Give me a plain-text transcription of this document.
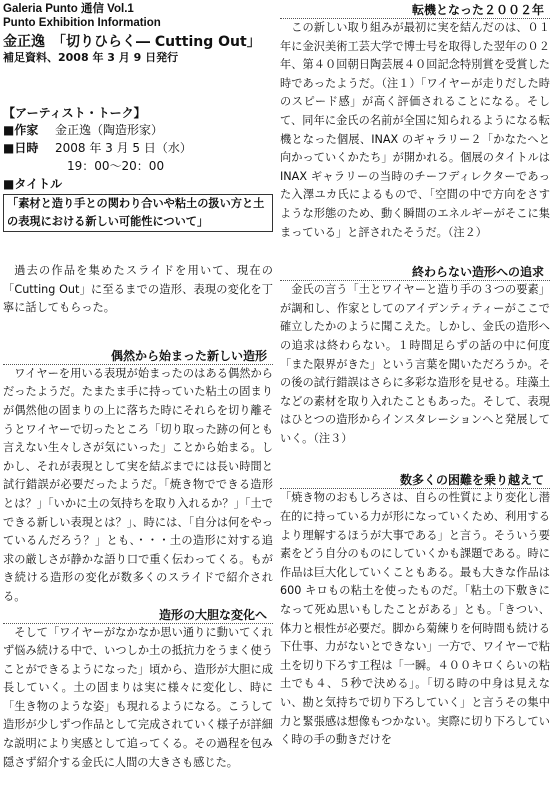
Galeria Punto 通信 Vol.1
Punto Exhibition Information
金正逸　「切りひらく― Cutting Out」
補足資料、2008 年 3 月 9 日発行
【アーティスト・トーク】
■作家	金正逸（陶造形家）
■日時	2008 年 3 月 5 日（水）
19：00～20：00
■タイトル
「素材と造り手との関わり合いや粘土の扱い方と土の表現における新しい可能性について」
過去の作品を集めたスライドを用いて、現在の「Cutting Out」に至るまでの造形、表現の変化を丁寧に話してもらった。
偶然から始まった新しい造形
ワイヤーを用いる表現が始まったのはある偶然からだったようだ。たまたま手に持っていた粘土の固まりが偶然他の固まりの上に落ちた時にそれらを切り離そうとワイヤーで切ったところ「切り取った跡の何とも言えない生々しさが気にいった」ことから始まる。しかし、それが表現として実を結ぶまでには長い時間と試行錯誤が必要だったようだ。「焼き物でできる造形とは？」「いかに土の気持ちを取り入れるか？」「土でできる新しい表現とは？」、時には、「自分は何をやっているんだろう？」とも、・・・土の造形に対する追求の厳しさが静かな語り口で重く伝わってくる。もがき続ける造形の変化が数多くのスライドで紹介される。
造形の大胆な変化へ
そして「ワイヤーがなかなか思い通りに動いてくれず悩み続ける中で、いつしか土の抵抗力をうまく使うことができるようになった」頃から、造形が大胆に成長していく。土の固まりは実に様々に変化し、時に「生き物のような姿」も現れるようになる。こうして造形が少しずつ作品として完成されていく様子が詳細な説明により実感として追ってくる。その過程を包み隠さず紹介する金氏に人間の大きさも感じた。
転機となった２００２年
この新しい取り組みが最初に実を結んだのは、０１年に金沢美術工芸大学で博士号を取得した翌年の０２年、第４０回朝日陶芸展４０回記念特別賞を受賞した時であったようだ。（注１）「ワイヤーが走りだした時のスピード感」が高く評価されることになる。そして、同年に金氏の名前が全国に知られるようになる転機となった個展、INAX のギャラリー２「かなたへと向かっていくかたち」が開かれる。個展のタイトルは INAX ギャラリーの当時のチーフディレクターであった入澤ユカ氏によるもので、「空間の中で方向をさすような形態のため、動く瞬間のエネルギーがそこに集まっている」と評されたそうだ。（注２）
終わらない造形への追求
金氏の言う「土とワイヤーと造り手の３つの要素」が調和し、作家としてのアイデンティティーがここで確立したかのように聞こえた。しかし、金氏の造形への追求は終わらない。１時間足らずの話の中に何度「また限界がきた」という言葉を聞いただろうか。その後の試行錯誤はさらに多彩な造形を見せる。珪藻土などの素材を取り入れたこともあった。そして、表現はひとつの造形からインスタレーションへと発展していく。（注３）
数多くの困難を乗り越えて
「焼き物のおもしろさは、自らの性質により変化し潜在的に持っている力が形になっていくため、利用するより理解するほうが大事である」と言う。そういう要素をどう自分のものにしていくかも課題である。時に作品は巨大化していくこともある。最も大きな作品は 600 キロもの粘土を使ったものだ。「粘土の下敷きになって死ぬ思いもしたことがある」とも。「きつい、体力と根性が必要だ。脚から菊練りを何時間も続ける下仕事、力がないとできない」一方で、ワイヤーで粘土を切り下ろす工程は「一瞬。４００キロくらいの粘土でも４、５秒で決める」。「切る時の中身は見えない、勘と気持ちで切り下ろしていく」と言うその集中力と緊張感は想像もつかない。実際に切り下ろしていく時の手の動きだけを
